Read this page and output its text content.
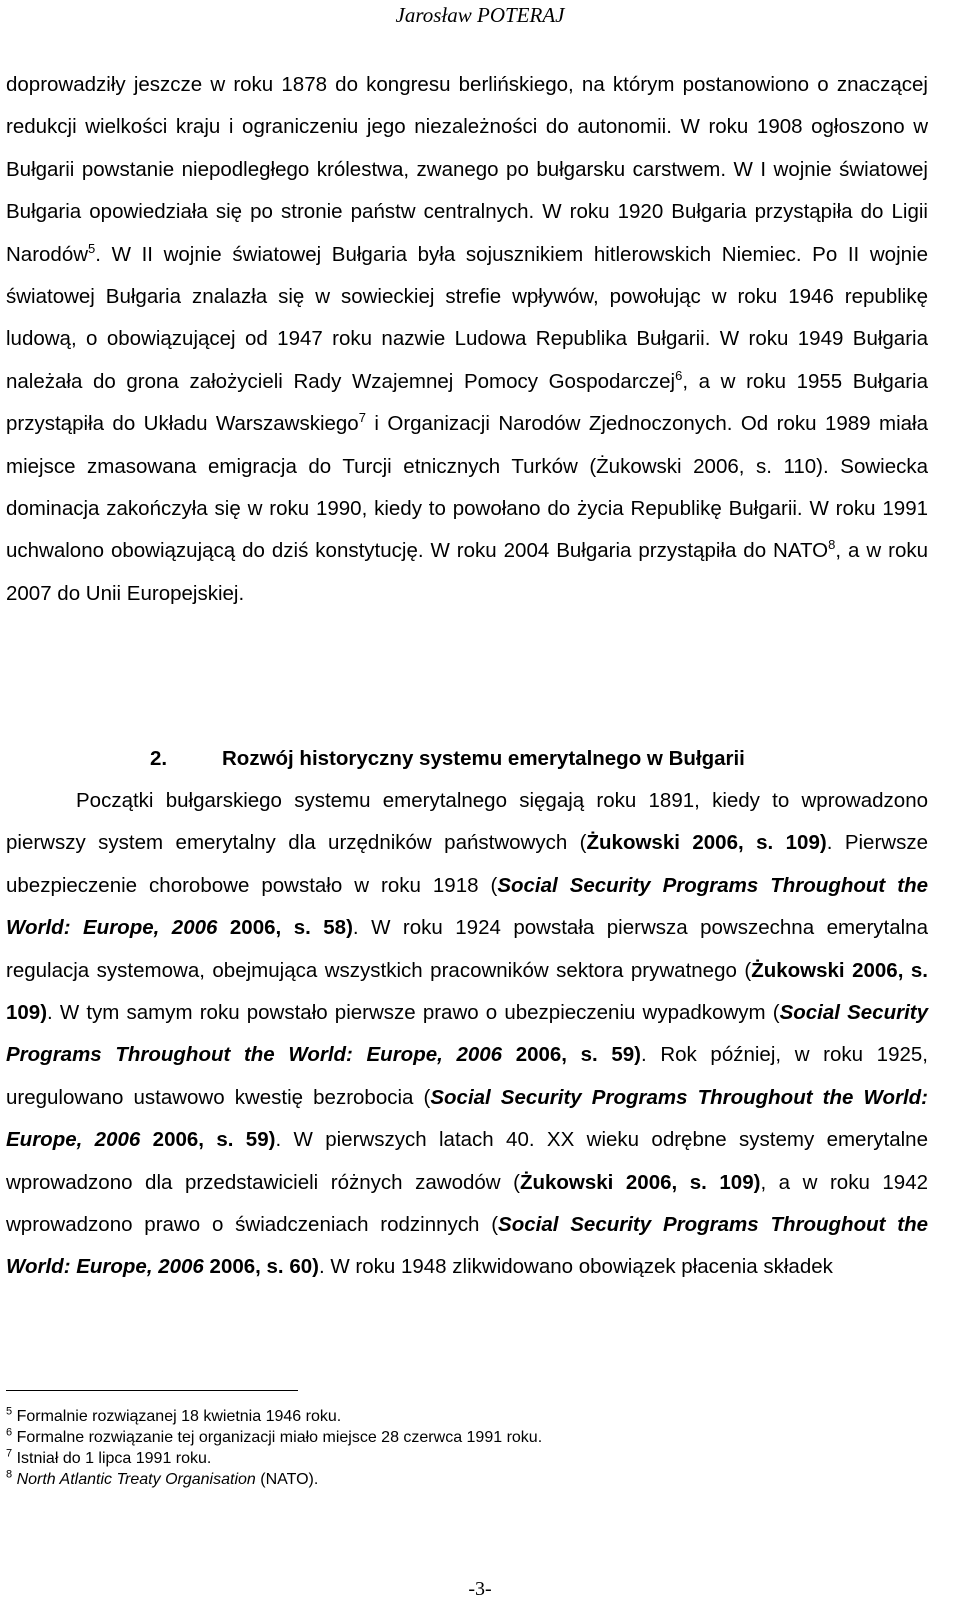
Jarosław POTERAJ
doprowadziły jeszcze w roku 1878 do kongresu berlińskiego, na którym postanowiono o znaczącej redukcji wielkości kraju i ograniczeniu jego niezależności do autonomii. W roku 1908 ogłoszono w Bułgarii powstanie niepodległego królestwa, zwanego po bułgarsku carstwem. W I wojnie światowej Bułgaria opowiedziała się po stronie państw centralnych. W roku 1920 Bułgaria przystąpiła do Ligii Narodów$^5$. W II wojnie światowej Bułgaria była sojusznikiem hitlerowskich Niemiec. Po II wojnie światowej Bułgaria znalazła się w sowieckiej strefie wpływów, powołując w roku 1946 republikę ludową, o obowiązującej od 1947 roku nazwie Ludowa Republika Bułgarii. W roku 1949 Bułgaria należała do grona założycieli Rady Wzajemnej Pomocy Gospodarczej$^6$, a w roku 1955 Bułgaria przystąpiła do Układu Warszawskiego$^7$ i Organizacji Narodów Zjednoczonych. Od roku 1989 miała miejsce zmasowana emigracja do Turcji etnicznych Turków (Żukowski 2006, s. 110). Sowiecka dominacja zakończyła się w roku 1990, kiedy to powołano do życia Republikę Bułgarii. W roku 1991 uchwalono obowiązującą do dziś konstytucję. W roku 2004 Bułgaria przystąpiła do NATO$^8$, a w roku 2007 do Unii Europejskiej.
2.	Rozwój historyczny systemu emerytalnego w Bułgarii
Początki bułgarskiego systemu emerytalnego sięgają roku 1891, kiedy to wprowadzono pierwszy system emerytalny dla urzędników państwowych (Żukowski 2006, s. 109). Pierwsze ubezpieczenie chorobowe powstało w roku 1918 (Social Security Programs Throughout the World: Europe, 2006 2006, s. 58). W roku 1924 powstała pierwsza powszechna emerytalna regulacja systemowa, obejmująca wszystkich pracowników sektora prywatnego (Żukowski 2006, s. 109). W tym samym roku powstało pierwsze prawo o ubezpieczeniu wypadkowym (Social Security Programs Throughout the World: Europe, 2006 2006, s. 59). Rok później, w roku 1925, uregulowano ustawowo kwestię bezrobocia (Social Security Programs Throughout the World: Europe, 2006 2006, s. 59). W pierwszych latach 40. XX wieku odrębne systemy emerytalne wprowadzono dla przedstawicieli różnych zawodów (Żukowski 2006, s. 109), a w roku 1942 wprowadzono prawo o świadczeniach rodzinnych (Social Security Programs Throughout the World: Europe, 2006 2006, s. 60). W roku 1948 zlikwidowano obowiązek płacenia składek
$^5$ Formalnie rozwiązanej 18 kwietnia 1946 roku.
$^6$ Formalne rozwiązanie tej organizacji miało miejsce 28 czerwca 1991 roku.
$^7$ Istniał do 1 lipca 1991 roku.
$^8$ North Atlantic Treaty Organisation (NATO).
-3-
